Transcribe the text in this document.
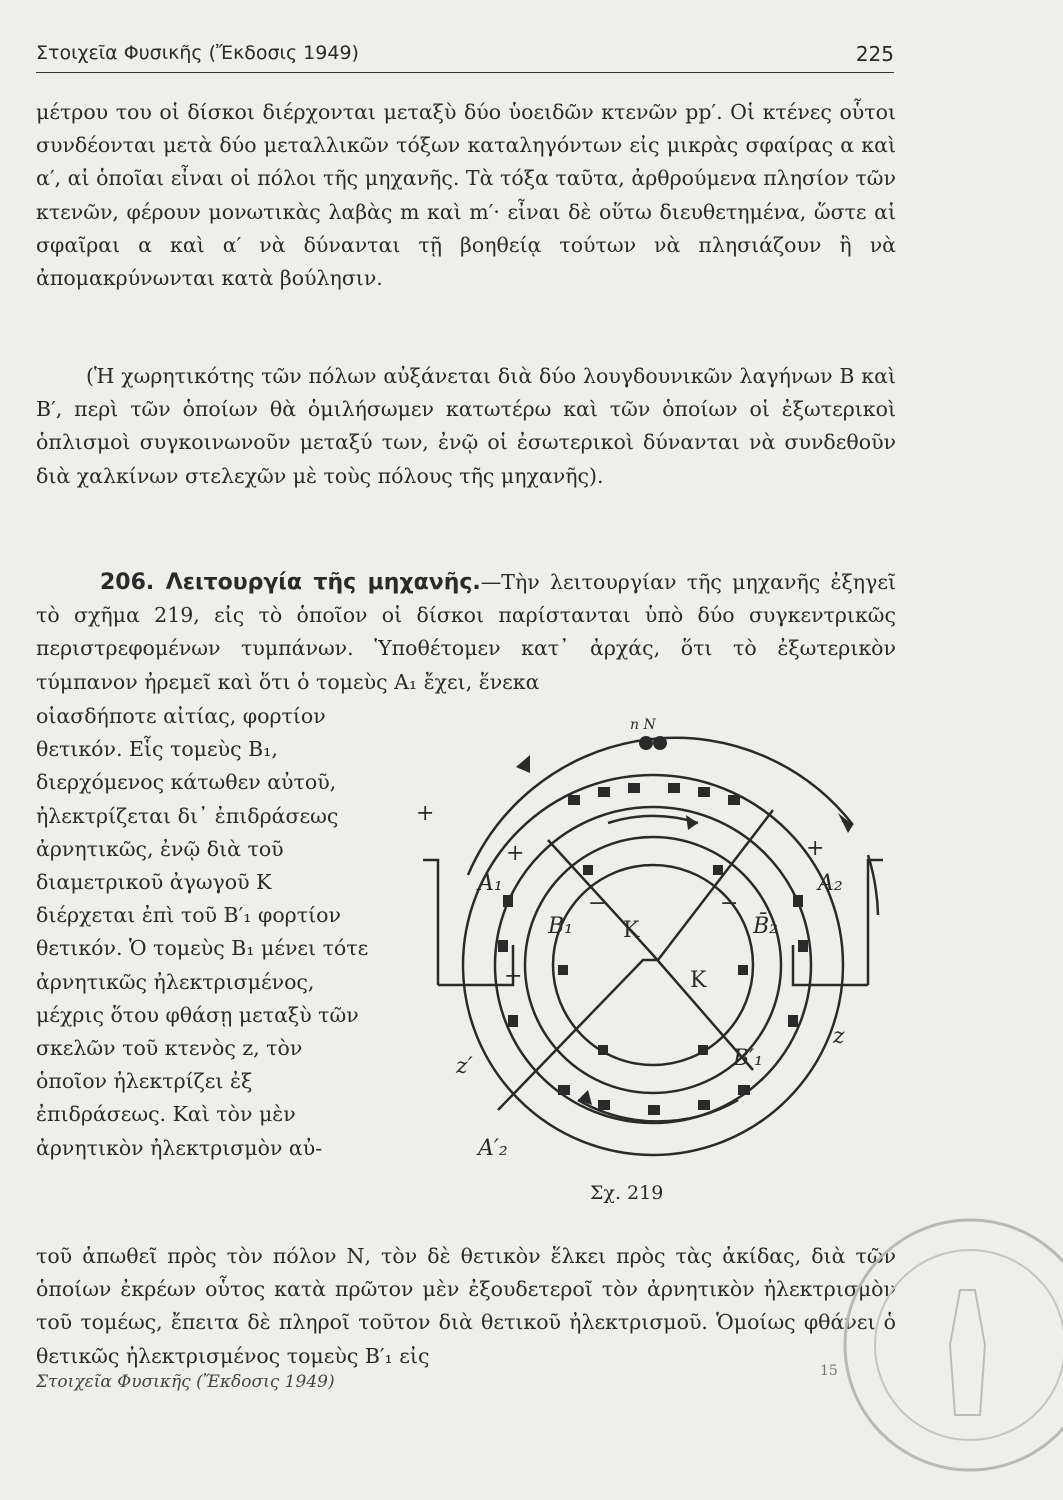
Στοιχεῖα Φυσικῆς (Ἔκδοσις 1949)	225

μέτρου του οἱ δίσκοι διέρχονται μεταξὺ δύο ὑοειδῶν κτενῶν pp′. Οἱ κτένες οὗτοι συνδέονται μετὰ δύο μεταλλικῶν τόξων καταληγόντων εἰς μικρὰς σφαίρας α καὶ α′, αἱ ὁποῖαι εἶναι οἱ πόλοι τῆς μηχανῆς. Τὰ τόξα ταῦτα, ἀρθρούμενα πλησίον τῶν κτενῶν, φέρουν μονωτικὰς λαβὰς m καὶ m′· εἶναι δὲ οὕτω διευθετημένα, ὥστε αἱ σφαῖραι α καὶ α′ νὰ δύνανται τῇ βοηθείᾳ τούτων νὰ πλησιάζουν ἢ νὰ ἀπομακρύνωνται κατὰ βούλησιν.

(Ἡ χωρητικότης τῶν πόλων αὐξάνεται διὰ δύο λουγδουνικῶν λαγήνων Β καὶ Β′, περὶ τῶν ὁποίων θὰ ὁμιλήσωμεν κατωτέρω καὶ τῶν ὁποίων οἱ ἐξωτερικοὶ ὁπλισμοὶ συγκοινωνοῦν μεταξύ των, ἐνῷ οἱ ἐσωτερικοὶ δύνανται νὰ συνδεθοῦν διὰ χαλκίνων στελεχῶν μὲ τοὺς πόλους τῆς μηχανῆς).

206. Λειτουργία τῆς μηχανῆς.—Τὴν λειτουργίαν τῆς μηχανῆς ἐξηγεῖ τὸ σχῆμα 219, εἰς τὸ ὁποῖον οἱ δίσκοι παρίστανται ὑπὸ δύο συγκεντρικῶς περιστρεφομένων τυμπάνων. Ὑποθέτομεν κατ᾽ ἀρχάς, ὅτι τὸ ἐξωτερικὸν τύμπανον ἠρεμεῖ καὶ ὅτι ὁ τομεὺς Α₁ ἔχει, ἕνεκα

οἱασδήποτε αἰτίας, φορτίον θετικόν. Εἷς τομεὺς Β₁, διερχόμενος κάτωθεν αὐτοῦ, ἠλεκτρίζεται δι᾽ ἐπιδράσεως ἀρνητικῶς, ἐνῷ διὰ τοῦ διαμετρικοῦ ἀγωγοῦ Κ διέρχεται ἐπὶ τοῦ Β′₁ φορτίον θετικόν. Ὁ τομεὺς Β₁ μένει τότε ἀρνητικῶς ἠλεκτρισμένος, μέχρις ὅτου φθάσῃ μεταξὺ τῶν σκελῶν τοῦ κτενὸς z, τὸν ὁποῖον ἠλεκτρίζει ἐξ ἐπιδράσεως. Καὶ τὸν μὲν ἀρνητικὸν ἠλεκτρισμὸν αὐ-

τοῦ ἀπωθεῖ πρὸς τὸν πόλον Ν, τὸν δὲ θετικὸν ἕλκει πρὸς τὰς ἀκίδας, διὰ τῶν ὁποίων ἐκρέων οὗτος κατὰ πρῶτον μὲν ἐξουδετεροῖ τὸν ἀρνητικὸν ἠλεκτρισμὸν τοῦ τομέως, ἔπειτα δὲ πληροῖ τοῦτον διὰ θετικοῦ ἠλεκτρισμοῦ. Ὁμοίως φθάνει ὁ θετικῶς ἠλεκτρισμένος τομεὺς Β′₁ εἰς

n N
A₁	A₂
B₁	B̄₂
B′₁
K
K
z
z′
A′₂
+
+	+
+
−	−
Σχ. 219
Στοιχεῖα Φυσικῆς (Ἔκδοσις 1949)
15
